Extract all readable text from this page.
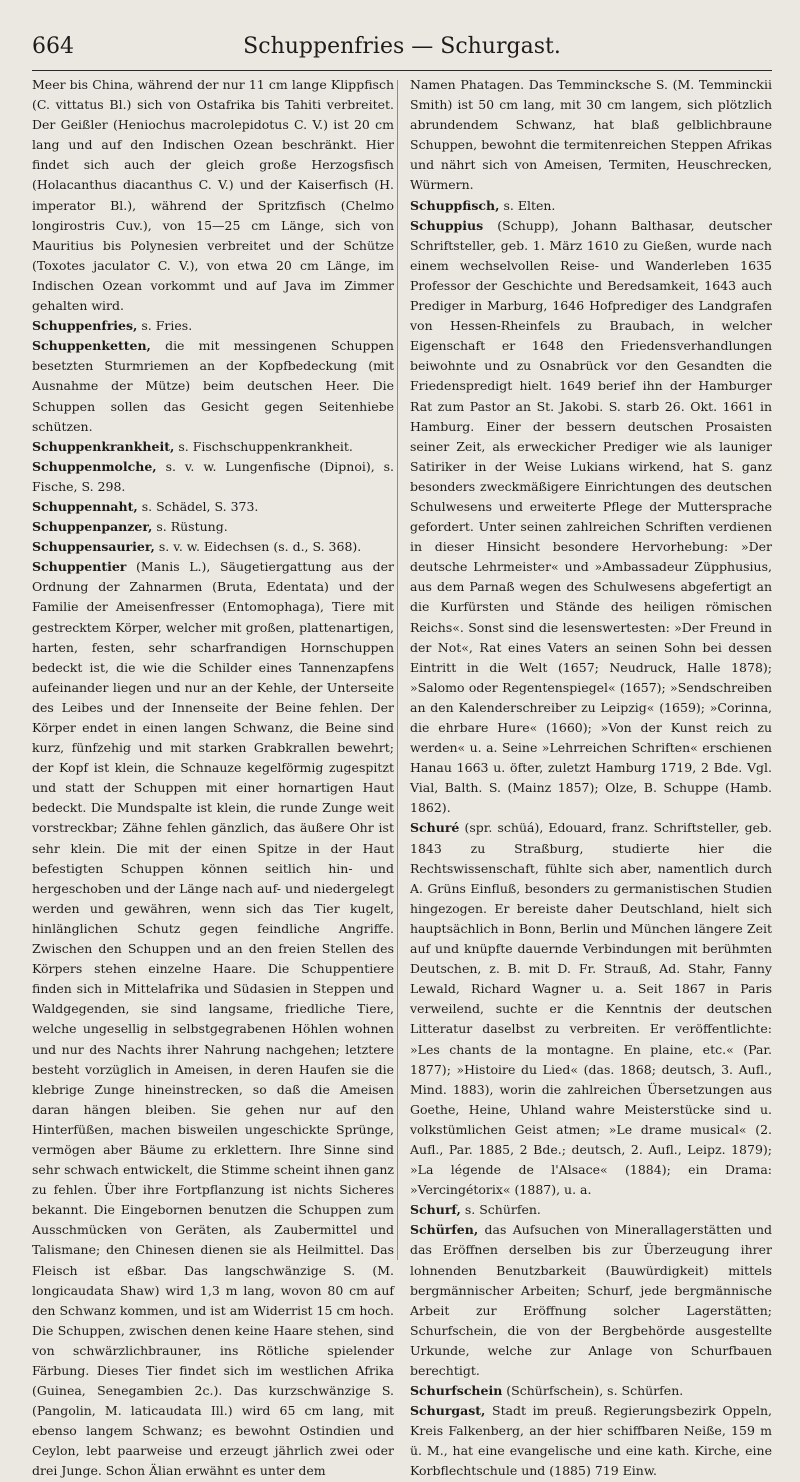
664	Schuppenfries — Schurgast.

Meer bis China, während der nur 11 cm lange Klippfisch (C. vittatus Bl.) sich von Ostafrika bis Tahiti verbreitet. Der Geißler (Heniochus macrolepidotus C. V.) ist 20 cm lang und auf den Indischen Ozean beschränkt. Hier findet sich auch der gleich große Herzogsfisch (Holacanthus diacanthus C. V.) und der Kaiserfisch (H. imperator Bl.), während der Spritzfisch (Chelmo longirostris Cuv.), von 15—25 cm Länge, sich von Mauritius bis Polynesien verbreitet und der Schütze (Toxotes jaculator C. V.), von etwa 20 cm Länge, im Indischen Ozean vorkommt und auf Java im Zimmer gehalten wird.

Schuppenfries, s. Fries.

Schuppenketten, die mit messingenen Schuppen besetzten Sturmriemen an der Kopfbedeckung (mit Ausnahme der Mütze) beim deutschen Heer. Die Schuppen sollen das Gesicht gegen Seitenhiebe schützen.

Schuppenkrankheit, s. Fischschuppenkrankheit.

Schuppenmolche, s. v. w. Lungenfische (Dipnoi), s. Fische, S. 298.

Schuppennaht, s. Schädel, S. 373.

Schuppenpanzer, s. Rüstung.

Schuppensaurier, s. v. w. Eidechsen (s. d., S. 368).

Schuppentier (Manis L.), Säugetiergattung aus der Ordnung der Zahnarmen (Bruta, Edentata) und der Familie der Ameisenfresser (Entomophaga), Tiere mit gestrecktem Körper, welcher mit großen, plattenartigen, harten, festen, sehr scharfrandigen Hornschuppen bedeckt ist, die wie die Schilder eines Tannenzapfens aufeinander liegen und nur an der Kehle, der Unterseite des Leibes und der Innenseite der Beine fehlen. Der Körper endet in einen langen Schwanz, die Beine sind kurz, fünfzehig und mit starken Grabkrallen bewehrt; der Kopf ist klein, die Schnauze kegelförmig zugespitzt und statt der Schuppen mit einer hornartigen Haut bedeckt. Die Mundspalte ist klein, die runde Zunge weit vorstreckbar; Zähne fehlen gänzlich, das äußere Ohr ist sehr klein. Die mit der einen Spitze in der Haut befestigten Schuppen können seitlich hin- und hergeschoben und der Länge nach auf- und niedergelegt werden und gewähren, wenn sich das Tier kugelt, hinlänglichen Schutz gegen feindliche Angriffe. Zwischen den Schuppen und an den freien Stellen des Körpers stehen einzelne Haare. Die Schuppentiere finden sich in Mittelafrika und Südasien in Steppen und Waldgegenden, sie sind langsame, friedliche Tiere, welche ungesellig in selbstgegrabenen Höhlen wohnen und nur des Nachts ihrer Nahrung nachgehen; letztere besteht vorzüglich in Ameisen, in deren Haufen sie die klebrige Zunge hineinstrecken, so daß die Ameisen daran hängen bleiben. Sie gehen nur auf den Hinterfüßen, machen bisweilen ungeschickte Sprünge, vermögen aber Bäume zu erklettern. Ihre Sinne sind sehr schwach entwickelt, die Stimme scheint ihnen ganz zu fehlen. Über ihre Fortpflanzung ist nichts Sicheres bekannt. Die Eingebornen benutzen die Schuppen zum Ausschmücken von Geräten, als Zaubermittel und Talismane; den Chinesen dienen sie als Heilmittel. Das Fleisch ist eßbar. Das langschwänzige S. (M. longicaudata Shaw) wird 1,3 m lang, wovon 80 cm auf den Schwanz kommen, und ist am Widerrist 15 cm hoch. Die Schuppen, zwischen denen keine Haare stehen, sind von schwärzlichbrauner, ins Rötliche spielender Färbung. Dieses Tier findet sich im westlichen Afrika (Guinea, Senegambien 2c.). Das kurzschwänzige S. (Pangolin, M. laticaudata Ill.) wird 65 cm lang, mit ebenso langem Schwanz; es bewohnt Ostindien und Ceylon, lebt paarweise und erzeugt jährlich zwei oder drei Junge. Schon Älian erwähnt es unter dem

Namen Phatagen. Das Temmincksche S. (M. Temminckii Smith) ist 50 cm lang, mit 30 cm langem, sich plötzlich abrundendem Schwanz, hat blaß gelblichbraune Schuppen, bewohnt die termitenreichen Steppen Afrikas und nährt sich von Ameisen, Termiten, Heuschrecken, Würmern.

Schuppfisch, s. Elten.

Schuppius (Schupp), Johann Balthasar, deutscher Schriftsteller, geb. 1. März 1610 zu Gießen, wurde nach einem wechselvollen Reise- und Wanderleben 1635 Professor der Geschichte und Beredsamkeit, 1643 auch Prediger in Marburg, 1646 Hofprediger des Landgrafen von Hessen-Rheinfels zu Braubach, in welcher Eigenschaft er 1648 den Friedensverhandlungen beiwohnte und zu Osnabrück vor den Gesandten die Friedenspredigt hielt. 1649 berief ihn der Hamburger Rat zum Pastor an St. Jakobi. S. starb 26. Okt. 1661 in Hamburg. Einer der bessern deutschen Prosaisten seiner Zeit, als erweckicher Prediger wie als launiger Satiriker in der Weise Lukians wirkend, hat S. ganz besonders zweckmäßigere Einrichtungen des deutschen Schulwesens und erweiterte Pflege der Muttersprache gefordert. Unter seinen zahlreichen Schriften verdienen in dieser Hinsicht besondere Hervorhebung: »Der deutsche Lehrmeister« und »Ambassadeur Züpphusius, aus dem Parnaß wegen des Schulwesens abgefertigt an die Kurfürsten und Stände des heiligen römischen Reichs«. Sonst sind die lesenswertesten: »Der Freund in der Not«, Rat eines Vaters an seinen Sohn bei dessen Eintritt in die Welt (1657; Neudruck, Halle 1878); »Salomo oder Regentenspiegel« (1657); »Sendschreiben an den Kalenderschreiber zu Leipzig« (1659); »Corinna, die ehrbare Hure« (1660); »Von der Kunst reich zu werden« u. a. Seine »Lehrreichen Schriften« erschienen Hanau 1663 u. öfter, zuletzt Hamburg 1719, 2 Bde. Vgl. Vial, Balth. S. (Mainz 1857); Olze, B. Schuppe (Hamb. 1862).

Schuré (spr. schüá), Edouard, franz. Schriftsteller, geb. 1843 zu Straßburg, studierte hier die Rechtswissenschaft, fühlte sich aber, namentlich durch A. Grüns Einfluß, besonders zu germanistischen Studien hingezogen. Er bereiste daher Deutschland, hielt sich hauptsächlich in Bonn, Berlin und München längere Zeit auf und knüpfte dauernde Verbindungen mit berühmten Deutschen, z. B. mit D. Fr. Strauß, Ad. Stahr, Fanny Lewald, Richard Wagner u. a. Seit 1867 in Paris verweilend, suchte er die Kenntnis der deutschen Litteratur daselbst zu verbreiten. Er veröffentlichte: »Les chants de la montagne. En plaine, etc.« (Par. 1877); »Histoire du Lied« (das. 1868; deutsch, 3. Aufl., Mind. 1883), worin die zahlreichen Übersetzungen aus Goethe, Heine, Uhland wahre Meisterstücke sind u. volkstümlichen Geist atmen; »Le drame musical« (2. Aufl., Par. 1885, 2 Bde.; deutsch, 2. Aufl., Leipz. 1879); »La légende de l'Alsace« (1884); ein Drama: »Vercingétorix« (1887), u. a.

Schurf, s. Schürfen.

Schürfen, das Aufsuchen von Minerallagerstätten und das Eröffnen derselben bis zur Überzeugung ihrer lohnenden Benutzbarkeit (Bauwürdigkeit) mittels bergmännischer Arbeiten; Schurf, jede bergmännische Arbeit zur Eröffnung solcher Lagerstätten; Schurfschein, die von der Bergbehörde ausgestellte Urkunde, welche zur Anlage von Schurfbauen berechtigt.

Schurfschein (Schürfschein), s. Schürfen.

Schurgast, Stadt im preuß. Regierungsbezirk Oppeln, Kreis Falkenberg, an der hier schiffbaren Neiße, 159 m ü. M., hat eine evangelische und eine kath. Kirche, eine Korbflechtschule und (1885) 719 Einw.
